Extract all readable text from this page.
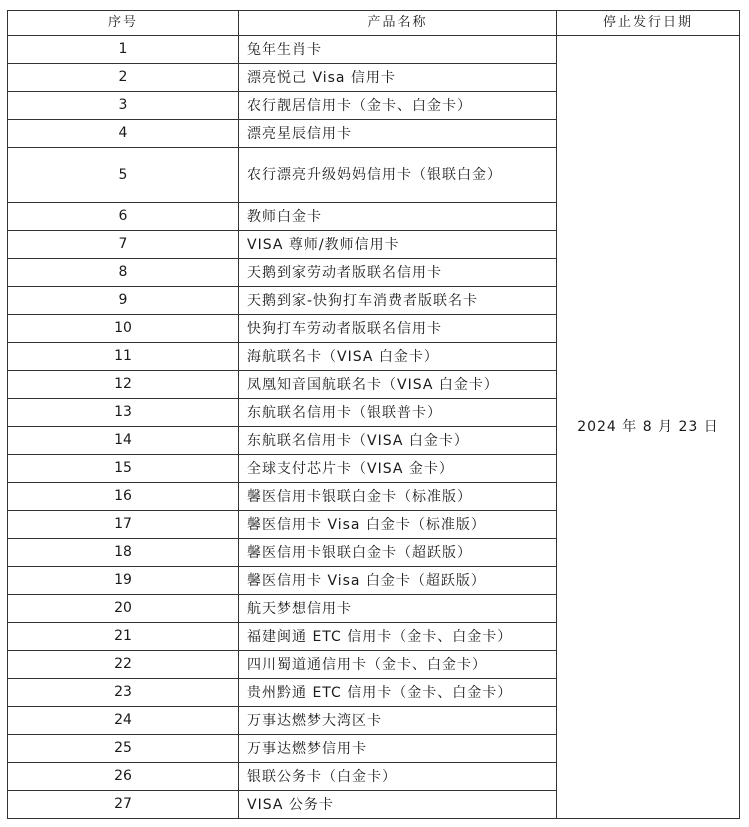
序号	产品名称	停止发行日期
1	兔年生肖卡	2024 年 8 月 23 日
2	漂亮悦己 Visa 信用卡	
3	农行靓居信用卡（金卡、白金卡）	
4	漂亮星辰信用卡	
5	农行漂亮升级妈妈信用卡（银联白金）	
6	教师白金卡	
7	VISA 尊师/教师信用卡	
8	天鹅到家劳动者版联名信用卡	
9	天鹅到家-快狗打车消费者版联名卡	
10	快狗打车劳动者版联名信用卡	
11	海航联名卡（VISA 白金卡）	
12	凤凰知音国航联名卡（VISA 白金卡）	
13	东航联名信用卡（银联普卡）	
14	东航联名信用卡（VISA 白金卡）	
15	全球支付芯片卡（VISA 金卡）	
16	馨医信用卡银联白金卡（标准版）	
17	馨医信用卡 Visa 白金卡（标准版）	
18	馨医信用卡银联白金卡（超跃版）	
19	馨医信用卡 Visa 白金卡（超跃版）	
20	航天梦想信用卡	
21	福建闽通 ETC 信用卡（金卡、白金卡）	
22	四川蜀道通信用卡（金卡、白金卡）	
23	贵州黔通 ETC 信用卡（金卡、白金卡）	
24	万事达燃梦大湾区卡	
25	万事达燃梦信用卡	
26	银联公务卡（白金卡）	
27	VISA 公务卡	
